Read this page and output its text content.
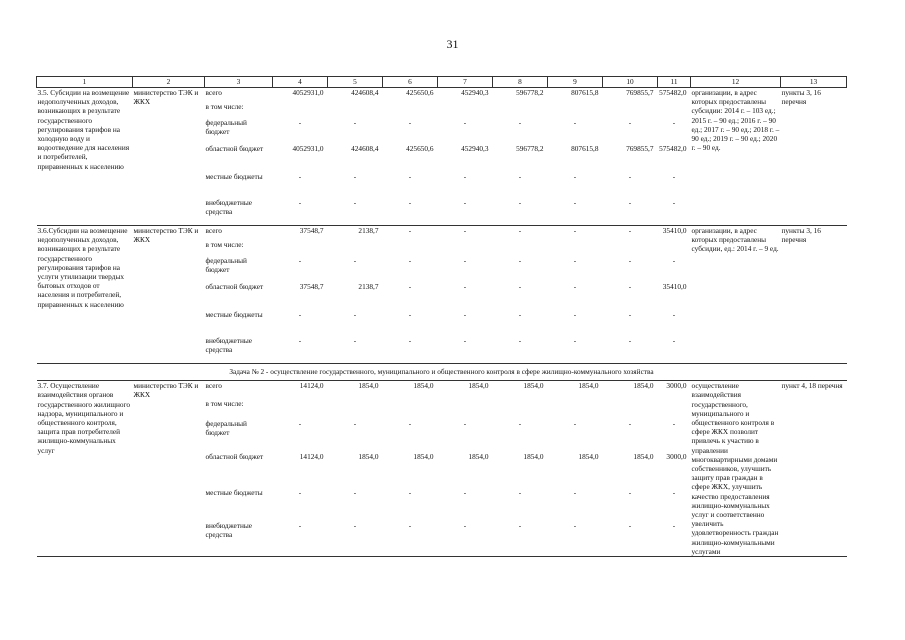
31
1	2	3	4	5	6	7	8	9	10	11	12	13
3.5. Субсидии на возмещение недополученных доходов, возникающих в результате государственного регулирования тарифов на холодную воду и водоотведение для населения и потребителей, приравненных к населению	министерство ТЭК и ЖКХ	всего	4052931,0	424608,4	425650,6	452940,3	596778,2	807615,8	769855,7	575482,0	организации, в адрес которых предоставлены субсидии: 2014 г. – 103 ед.; 2015 г. – 90 ед.; 2016 г. – 90 ед.; 2017 г. – 90 ед.; 2018 г. – 90 ед.; 2019 г. – 90 ед.; 2020 г. – 90 ед.	пункты 3, 16 перечня
		в том числе:										
		федеральный бюджет	-	-	-	-	-	-	-	-		
		областной бюджет	4052931,0	424608,4	425650,6	452940,3	596778,2	807615,8	769855,7	575482,0		
		местные бюджеты	-	-	-	-	-	-	-	-		
		внебюджетные средства	-	-	-	-	-	-	-	-		
3.6.Субсидии на возмещение недополученных доходов, возникающих в результате государственного регулирования тарифов на услуги утилизации твердых бытовых отходов от населения и потребителей, приравненных к населению	министерство ТЭК и ЖКХ	всего	37548,7	2138,7	-	-	-	-	-	35410,0	организации, в адрес которых предоставлены субсидии, ед.: 2014 г. – 9 ед.	пункты 3, 16 перечня
		в том числе:										
		федеральный бюджет	-	-	-	-	-	-	-	-		
		областной бюджет	37548,7	2138,7	-	-	-	-	-	35410,0		
		местные бюджеты	-	-	-	-	-	-	-	-		
		внебюджетные средства	-	-	-	-	-	-	-	-		
Задача № 2 - осуществление государственного, муниципального и общественного контроля в сфере жилищно-коммунального хозяйства												
3.7. Осуществление взаимодействия органов государственного жилищного надзора, муниципального и общественного контроля, защита прав потребителей жилищно-коммунальных услуг	министерство ТЭК и ЖКХ	всего	14124,0	1854,0	1854,0	1854,0	1854,0	1854,0	1854,0	3000,0	осуществление взаимодействия государственного, муниципального и общественного контроля в сфере ЖКХ позволит привлечь к участию в управлении многоквартирными домами собственников, улучшить защиту прав граждан в сфере ЖКХ, улучшить качество предоставления жилищно-коммунальных услуг и соответственно увеличить удовлетворенность граждан жилищно-коммунальными услугами	пункт 4, 18 перечня
		в том числе:										
		федеральный бюджет	-	-	-	-	-	-	-	-		
		областной бюджет	14124,0	1854,0	1854,0	1854,0	1854,0	1854,0	1854,0	3000,0		
		местные бюджеты	-	-	-	-	-	-	-	-		
		внебюджетные средства	-	-	-	-	-	-	-	-		
